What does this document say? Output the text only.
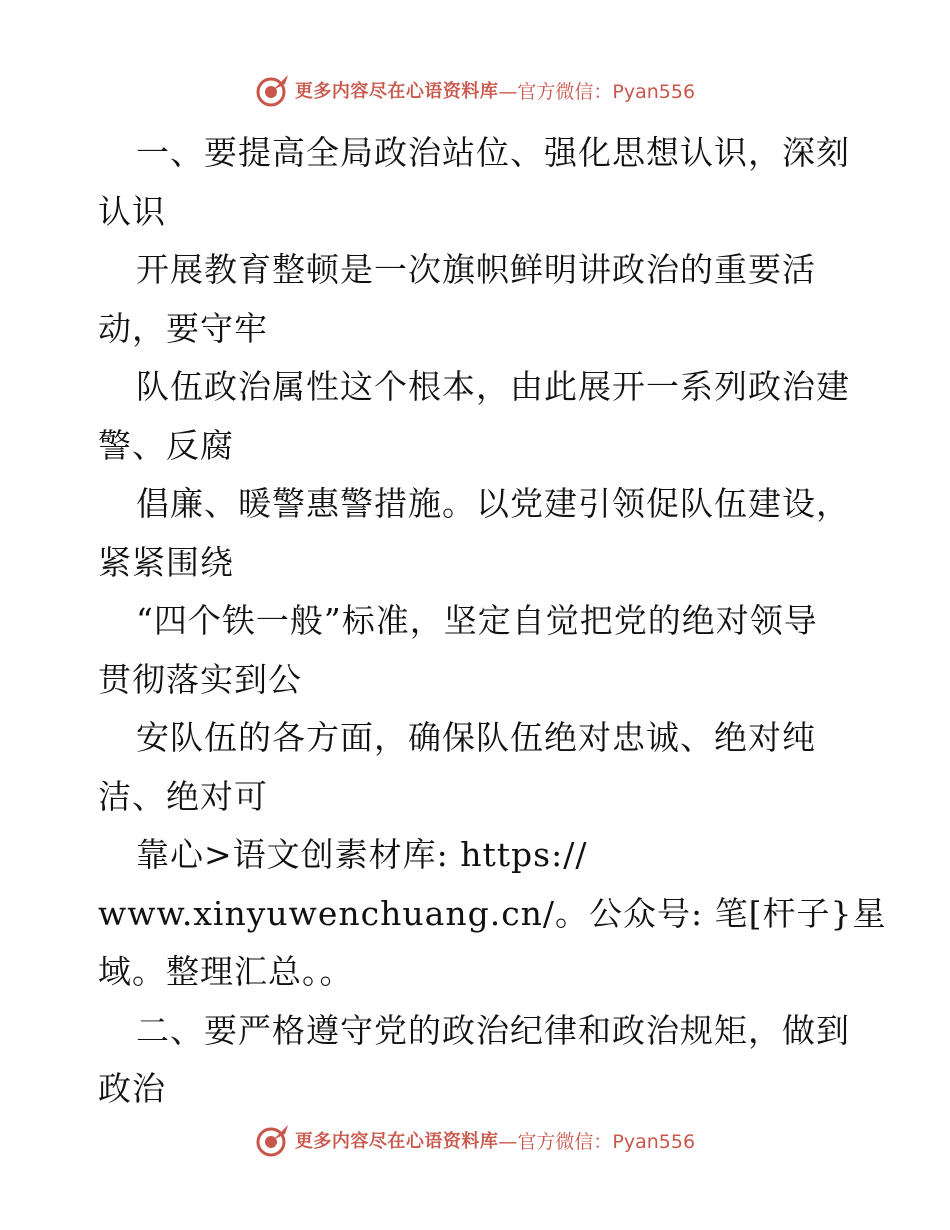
更多内容尽在心语资料库 —官方微信：Pyan556
一、要提高全局政治站位、强化思想认识，深刻
认识
开展教育整顿是一次旗帜鲜明讲政治的重要活
动，要守牢
队伍政治属性这个根本，由此展开一系列政治建
警、反腐
倡廉、暖警惠警措施。以党建引领促队伍建设，
紧紧围绕
“四个铁一般”标准，坚定自觉把党的绝对领导
贯彻落实到公
安队伍的各方面，确保队伍绝对忠诚、绝对纯
洁、绝对可
靠心>语文创素材库: https://
www.xinyuwenchuang.cn/。公众号: 笔[杆子}星
域。整理汇总。。
二、要严格遵守党的政治纪律和政治规矩，做到
政治
更多内容尽在心语资料库 —官方微信：Pyan556
